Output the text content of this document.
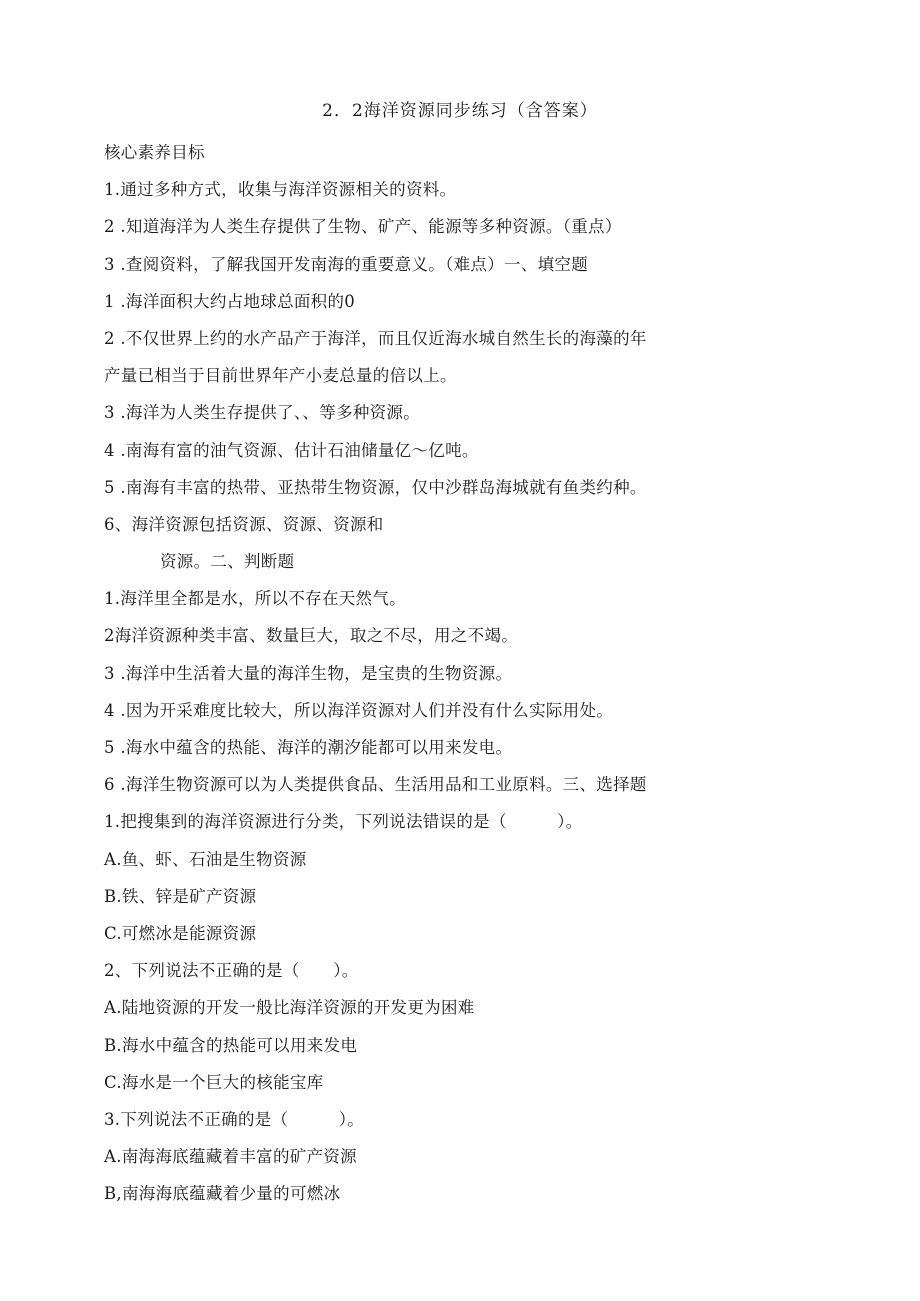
2．2海洋资源同步练习（含答案）
核心素养目标
1.通过多种方式，收集与海洋资源相关的资料。
2 .知道海洋为人类生存提供了生物、矿产、能源等多种资源。（重点）
3 .查阅资料，了解我国开发南海的重要意义。（难点）一、填空题
1 .海洋面积大约占地球总面积的0
2 .不仅世界上约的水产品产于海洋，而且仅近海水城自然生长的海藻的年
产量已相当于目前世界年产小麦总量的倍以上。
3 .海洋为人类生存提供了、、等多种资源。
4 .南海有富的油气资源、估计石油储量亿～亿吨。
5 .南海有丰富的热带、亚热带生物资源，仅中沙群岛海城就有鱼类约种。
6、海洋资源包括资源、资源、资源和
资源。二、判断题
1.海洋里全都是水，所以不存在天然气。
2海洋资源种类丰富、数量巨大，取之不尽，用之不竭。
3 .海洋中生活着大量的海洋生物，是宝贵的生物资源。
4 .因为开采难度比较大，所以海洋资源对人们并没有什么实际用处。
5 .海水中蕴含的热能、海洋的潮汐能都可以用来发电。
6 .海洋生物资源可以为人类提供食品、生活用品和工业原料。三、选择题
1.把搜集到的海洋资源进行分类，下列说法错误的是（　　　）。
A.鱼、虾、石油是生物资源
B.铁、锌是矿产资源
C.可燃冰是能源资源
2、下列说法不正确的是（　　）。
A.陆地资源的开发一般比海洋资源的开发更为困难
B.海水中蕴含的热能可以用来发电
C.海水是一个巨大的核能宝库
3.下列说法不正确的是（　　　）。
A.南海海底蕴藏着丰富的矿产资源
B,南海海底蕴藏着少量的可燃冰
